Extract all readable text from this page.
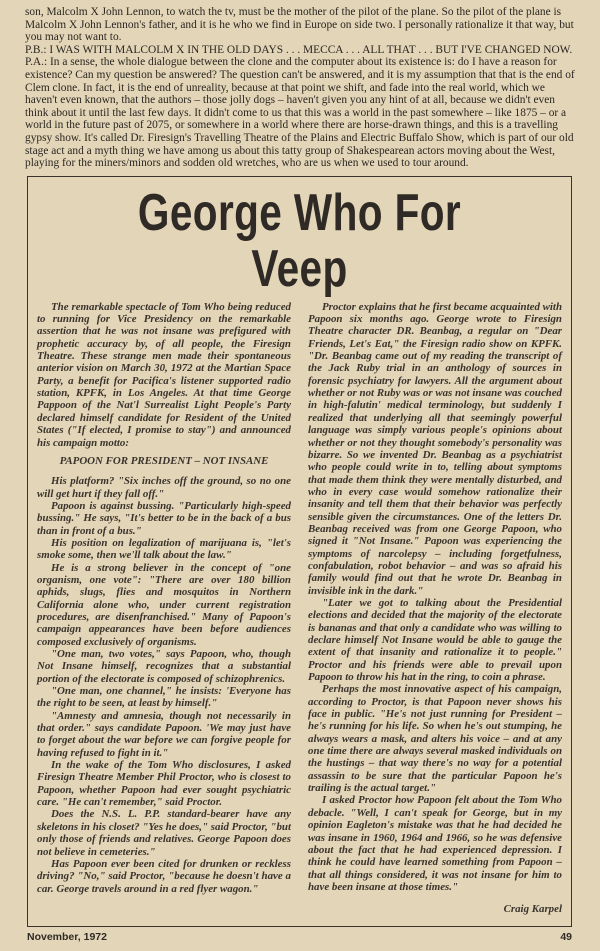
son, Malcolm X John Lennon, to watch the tv, must be the mother of the pilot of the plane. So the pilot of the plane is Malcolm X John Lennon's father, and it is he who we find in Europe on side two. I personally rationalize it that way, but you may not want to.

P.B.: I WAS WITH MALCOLM X IN THE OLD DAYS . . . MECCA . . . ALL THAT . . . BUT I'VE CHANGED NOW.

P.A.: In a sense, the whole dialogue between the clone and the computer about its existence is: do I have a reason for existence? Can my question be answered? The question can't be answered, and it is my assumption that that is the end of Clem clone. In fact, it is the end of unreality, because at that point we shift, and fade into the real world, which we haven't even known, that the authors – those jolly dogs – haven't given you any hint of at all, because we didn't even think about it until the last few days. It didn't come to us that this was a world in the past somewhere – like 1875 – or a world in the future past of 2075, or somewhere in a world where there are horse-drawn things, and this is a travelling gypsy show. It's called Dr. Firesign's Travelling Theatre of the Plains and Electric Buffalo Show, which is part of our old stage act and a myth thing we have among us about this tatty group of Shakespearean actors moving about the West, playing for the miners/minors and sodden old wretches, who are us when we used to tour around.

George Who For Veep

The remarkable spectacle of Tom Who being reduced to running for Vice Presidency on the remarkable assertion that he was not insane was prefigured with prophetic accuracy by, of all people, the Firesign Theatre. These strange men made their spontaneous anterior vision on March 30, 1972 at the Martian Space Party, a benefit for Pacifica's listener supported radio station, KPFK, in Los Angeles. At that time George Pappoon of the Nat'l Surrealist Light People's Party declared himself candidate for Resident of the United States ("If elected, I promise to stay") and announced his campaign motto:

PAPOON FOR PRESIDENT – NOT INSANE

His platform? "Six inches off the ground, so no one will get hurt if they fall off."

Papoon is against bussing. "Particularly high-speed bussing." He says, "It's better to be in the back of a bus than in front of a bus."

His position on legalization of marijuana is, "let's smoke some, then we'll talk about the law."

He is a strong believer in the concept of "one organism, one vote": "There are over 180 billion aphids, slugs, flies and mosquitos in Northern California alone who, under current registration procedures, are disenfranchised." Many of Papoon's campaign appearances have been before audiences composed exclusively of organisms.

"One man, two votes," says Papoon, who, though Not Insane himself, recognizes that a substantial portion of the electorate is composed of schizophrenics.

"One man, one channel," he insists: 'Everyone has the right to be seen, at least by himself."

"Amnesty and amnesia, though not necessarily in that order." says candidate Papoon. 'We may just have to forget about the war before we can forgive people for having refused to fight in it."

In the wake of the Tom Who disclosures, I asked Firesign Theatre Member Phil Proctor, who is closest to Papoon, whether Papoon had ever sought psychiatric care. "He can't remember," said Proctor.

Does the N.S. L. P.P. standard-bearer have any skeletons in his closet? "Yes he does," said Proctor, "but only those of friends and relatives. George Papoon does not believe in cemeteries."

Has Papoon ever been cited for drunken or reckless driving? "No," said Proctor, "because he doesn't have a car. George travels around in a red flyer wagon."

Proctor explains that he first became acquainted with Papoon six months ago. George wrote to Firesign Theatre character DR. Beanbag, a regular on "Dear Friends, Let's Eat," the Firesign radio show on KPFK. "Dr. Beanbag came out of my reading the transcript of the Jack Ruby trial in an anthology of sources in forensic psychiatry for lawyers. All the argument about whether or not Ruby was or was not insane was couched in high-falutin' medical terminology, but suddenly I realized that underlying all that seemingly powerful language was simply various people's opinions about whether or not they thought somebody's personality was bizarre. So we invented Dr. Beanbag as a psychiatrist who people could write in to, telling about symptoms that made them think they were mentally disturbed, and who in every case would somehow rationalize their insanity and tell them that their behavior was perfectly sensible given the circumstances. One of the letters Dr. Beanbag received was from one George Papoon, who signed it "Not Insane." Papoon was experiencing the symptoms of narcolepsy – including forgetfulness, confabulation, robot behavior – and was so afraid his family would find out that he wrote Dr. Beanbag in invisible ink in the dark."

"Later we got to talking about the Presidential elections and decided that the majority of the electorate is bananas and that only a candidate who was willing to declare himself Not Insane would be able to gauge the extent of that insanity and rationalize it to people." Proctor and his friends were able to prevail upon Papoon to throw his hat in the ring, to coin a phrase.

Perhaps the most innovative aspect of his campaign, according to Proctor, is that Papoon never shows his face in public. "He's not just running for President – he's running for his life. So when he's out stumping, he always wears a mask, and alters his voice – and at any one time there are always several masked individuals on the hustings – that way there's no way for a potential assassin to be sure that the particular Papoon he's trailing is the actual target."

I asked Proctor how Papoon felt about the Tom Who debacle. "Well, I can't speak for George, but in my opinion Eagleton's mistake was that he had decided he was insane in 1960, 1964 and 1966, so he was defensive about the fact that he had experienced depression. I think he could have learned something from Papoon – that all things considered, it was not insane for him to have been insane at those times."

Craig Karpel

November, 1972	49
